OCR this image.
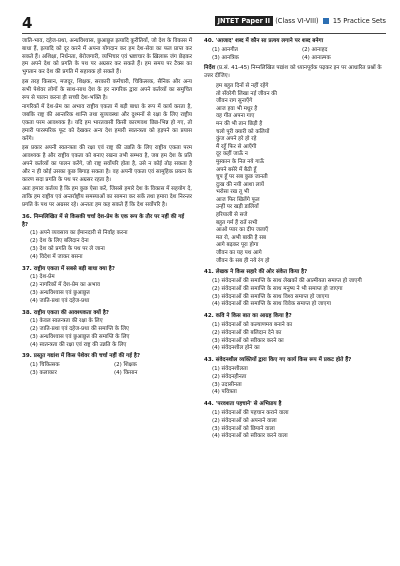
4	JNTET Paper II (Class VI-VIII) 15 Practice Sets

जाति-भाव, दहेज-प्रथा, अन्धविश्वास, छुआछूत इत्यादि कुरीतियाँ, जो देश के विकास में बाधा हैं, इत्यादि को दूर करने में अपना योगदान कर हम देश-सेवा का फल प्राप्त कर सकते हैं। अशिक्षा, निर्धनता, बेरोजगारी, व्यभिचार एवं भ्रष्टाचार के ख़िलाफ़ जंग छेड़कर हम अपने देश को प्रगति के पथ पर अग्रसर कर सकते हैं। हम समय पर टैक्स का भुगतान कर देश की प्रगति में सहायक हो सकते हैं।

इस तरह किसान, मजदूर, शिक्षक, सरकारी कर्मचारी, चिकित्सक, सैनिक और अन्य सभी पेशेवर लोगों के साथ-साथ देश के हर नागरिक द्वारा अपने कर्तव्यों का समुचित रूप से पालन करना ही सच्ची देश-भक्ति है।

नागरिकों में देश-प्रेम का अभाव राष्ट्रीय एकता में बड़ी बाधा के रूप में कार्य करता है, जबकि राष्ट्र की आन्तरिक शान्ति तथा सुव्यवस्था और दुश्मनों से रक्षा के लिए राष्ट्रीय एकता परम आवश्यक है। यदि हम भारतवासी किसी कारणवश छिन्न-भिन्न हो गए, तो हमारी पारस्परिक फूट को देखकर अन्य देश हमारी स्वतन्त्रता को हड़पने का प्रयास करेंगे।

इस प्रकार अपनी स्वतन्त्रता की रक्षा एवं राष्ट्र की उन्नति के लिए राष्ट्रीय एकता परम आवश्यक है और राष्ट्रीय एकता को बनाए रखना तभी सम्भव है, जब हम देश के प्रति अपने कर्तव्यों का पालन करेंगे, जो राष्ट्र सर्वोपरि होता है, उसे न कोई तोड़ सकता है और न ही कोई उसका कुछ बिगाड़ सकता है। वह अपनी एकता एवं सामूहिक प्रयत्न के कारण सदा प्रगति के पथ पर अग्रसर रहता है।

अतः हमारा कर्तव्य है कि हम कुछ ऐसा करें, जिससे हमारे देश के विकास में सहयोग दे, ताकि हम राष्ट्रीय एवं अन्तर्राष्ट्रीय समस्याओं का सामना कर सकें तथा हमारा देश निरन्तर प्रगति के पथ पर अग्रसर रहे। अन्ततः हम कह सकते हैं कि देश सर्वोपरि है।

36. निम्नलिखित में से किसकी चर्चा देश-प्रेम के एक रूप के तौर पर नहीं की गई है?
(1) अपने व्यवसाय का ईमानदारी से निर्वाह करना
(2) देश के लिए बलिदान देना
(3) देश को प्रगति के पथ पर ले जाना
(4) विदेश में जाकर बसना
37. राष्ट्रीय एकता में सबसे बड़ी बाधा क्या है?
(1) देश-प्रेम
(2) नागरिकों में देश-प्रेम का अभाव
(3) अन्धविश्वास एवं छुआछूत
(4) जाति-प्रथा एवं दहेज-प्रथा
38. राष्ट्रीय एकता की आवश्यकता क्यों है?
(1) केवल स्वतन्त्रता की रक्षा के लिए
(2) जाति-प्रथा एवं दहेज-प्रथा की समाप्ति के लिए
(3) अन्धविश्वास एवं छुआछूत की समाप्ति के लिए
(4) स्वतन्त्रता की रक्षा एवं राष्ट्र की उन्नति के लिए
39. प्रस्तुत गद्यांश में किस पेशेवर की चर्चा नहीं की गई है?
(1) चिकित्सक	(2) शिक्षक
(3) कलाकार	(4) किसान
40. 'आजाद' शब्द में कौन सा प्रत्यय लगाने पर शब्द बनेगा
(1) आनगीत	(2) आनाहद
(3) आनत्रिक	(4) आनात्मक

निर्देश (प्र.सं. 41-45) निम्नलिखित पद्यांश को ध्यानपूर्वक पढ़कर इन पर आधारित प्रश्नों के उत्तर दीजिए।

हम बहुत दिनों से नहीं रहेंगे
तो सँवरेगी लिखा नई जीवन की
जीवन राग सुनाएँगे
आज हवा भी मधुर है
वह गीत अपना गाए
मन की भी तान छिड़ी है
चलो पूरी क्यारी को कलियों
कुंज अपने हरे हो रहे
मैं रहूँ फिर से आएँगी
दूर कहीं जाऊँ न
मुस्कान के नित नये गाऊँ
अपने बसेरे में बैठी हूँ
चुप हूँ पर सब कुछ जानती
दुःख की नयी आशा लायें
भरोसा रख तू भी
आज फिर खिलेंगे फूल
उन्हीं पर खड़ी डालियाँ
हरियाली से सजे
बहुत गर्म हैं रातें सभी
आओ प्यार का दीप जलाएँ
मत रो, अभी बाकी है सब
आगे बढ़कर पूरा होगा
जीवन का यह पथ आगे
जीवन के सब ही नये रंग हो
41. लेखक ने किस सहारे की ओर संकेत किया है?
(1) संवेदनाओं की समाप्ति के साथ लेखकों की आत्मीयता समाप्त हो जाएगी
(2) संवेदनाओं की समाप्ति के साथ मनुष्य ने भी समाप्त हो जाएगा
(3) संवेदनाओं की समाप्ति के साथ विश्व समाप्त हो जाएगा
(4) संवेदनाओं की समाप्ति के साथ विवेक समाप्त हो जाएगा
42. कवि ने किस बात का आग्रह किया है?
(1) संवेदनाओं को कल्याणमय बनाने का
(2) संवेदनाओं की बलिदान देने का
(3) संवेदनाओं को स्वीकार करने का
(4) संवेदनशील होने का
43. संवेदनशील व्यक्तियों द्वारा किए गए कार्य किस रूप में प्रकट होते हैं?
(1) संवेदनशीलता
(2) संवेदनहीनता
(3) उदासीनता
(4) पवित्रता
44. 'परवशता पहचाने' से अभिप्राय है
(1) संवेदनाओं की पहचान कराने वाला
(2) संवेदनाओं को अपनाने वाला
(3) संवेदनाओं को छिपाने वाला
(4) संवेदनाओं को स्वीकार करने वाला
